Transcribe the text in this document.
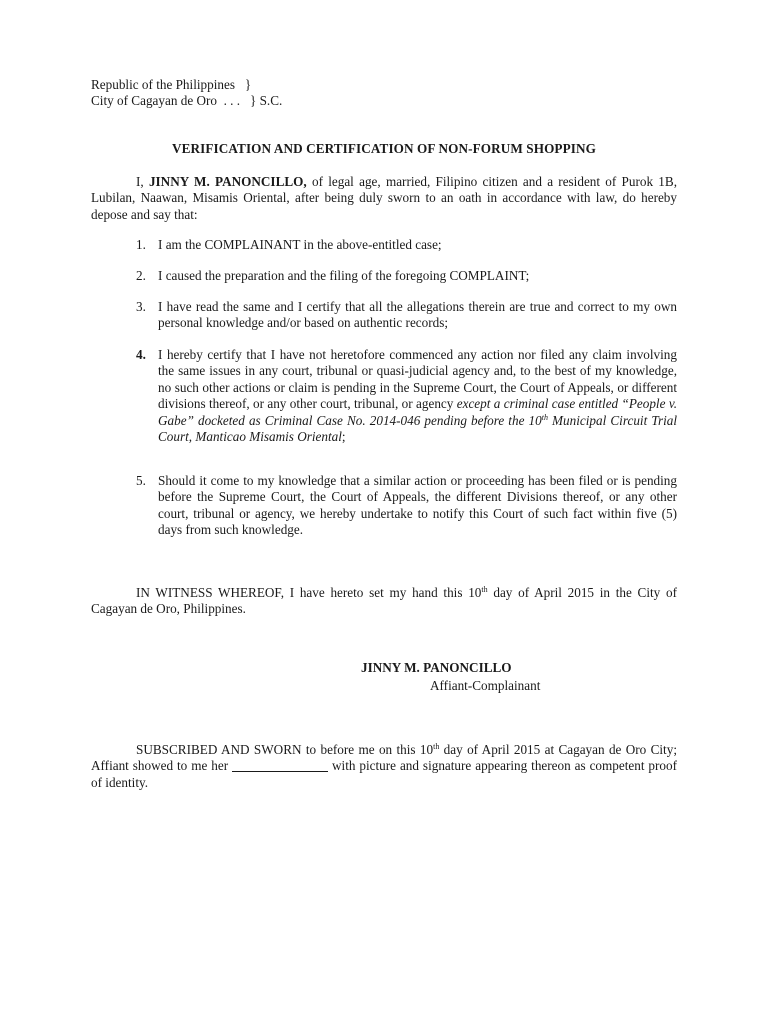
Republic of the Philippines   }
City of Cagayan de Oro  . . .   } S.C.
VERIFICATION AND CERTIFICATION OF NON-FORUM SHOPPING
I, JINNY M. PANONCILLO, of legal age, married, Filipino citizen and a resident of Purok 1B, Lubilan, Naawan, Misamis Oriental, after being duly sworn to an oath in accordance with law, do hereby depose and say that:
1. I am the COMPLAINANT in the above-entitled case;
2. I caused the preparation and the filing of the foregoing COMPLAINT;
3. I have read the same and I certify that all the allegations therein are true and correct to my own personal knowledge and/or based on authentic records;
4. I hereby certify that I have not heretofore commenced any action nor filed any claim involving the same issues in any court, tribunal or quasi-judicial agency and, to the best of my knowledge, no such other actions or claim is pending in the Supreme Court, the Court of Appeals, or different divisions thereof, or any other court, tribunal, or agency except a criminal case entitled “People v. Gabe” docketed as Criminal Case No. 2014-046 pending before the 10th Municipal Circuit Trial Court, Manticao Misamis Oriental;
5. Should it come to my knowledge that a similar action or proceeding has been filed or is pending before the Supreme Court, the Court of Appeals, the different Divisions thereof, or any other court, tribunal or agency, we hereby undertake to notify this Court of such fact within five (5) days from such knowledge.
IN WITNESS WHEREOF, I have hereto set my hand this 10th day of April 2015 in the City of Cagayan de Oro, Philippines.
JINNY M. PANONCILLO
Affiant-Complainant
SUBSCRIBED AND SWORN to before me on this 10th day of April 2015 at Cagayan de Oro City; Affiant showed to me her	with picture and signature appearing thereon as competent proof of identity.
